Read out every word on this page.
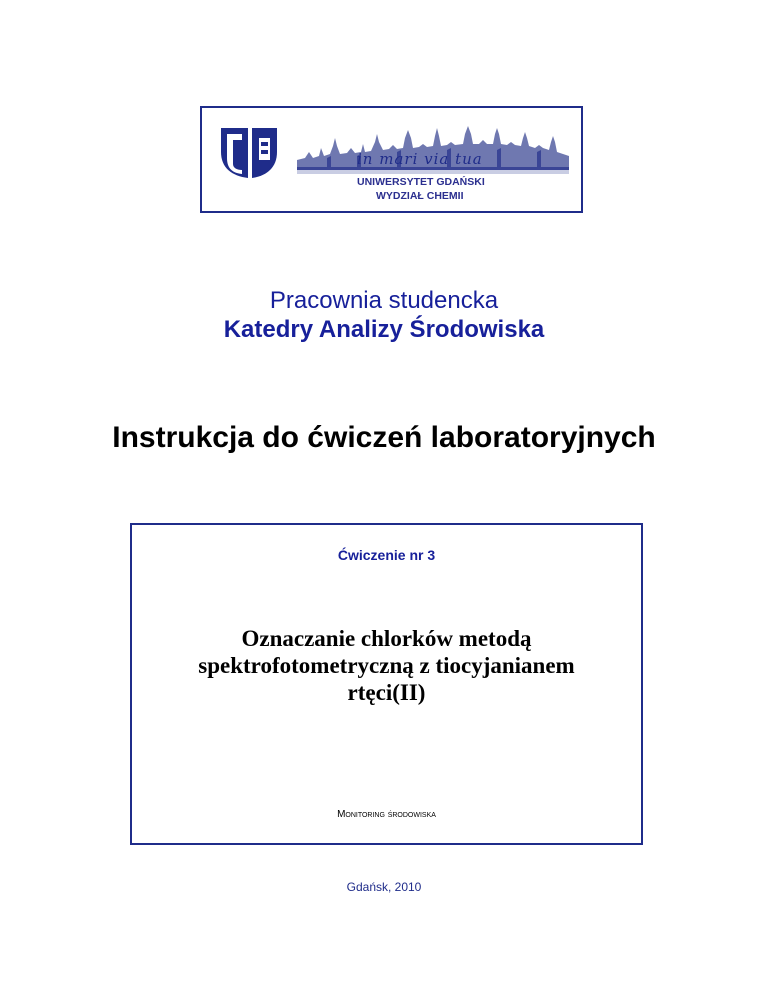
in mari via tua
UNIWERSYTET GDAŃSKI
WYDZIAŁ CHEMII
Pracownia studencka
Katedry Analizy Środowiska
Instrukcja do ćwiczeń laboratoryjnych
Ćwiczenie nr 3
Oznaczanie chlorków metodą
spektrofotometryczną z tiocyjanianem
rtęci(II)
Monitoring środowiska
Gdańsk, 2010
